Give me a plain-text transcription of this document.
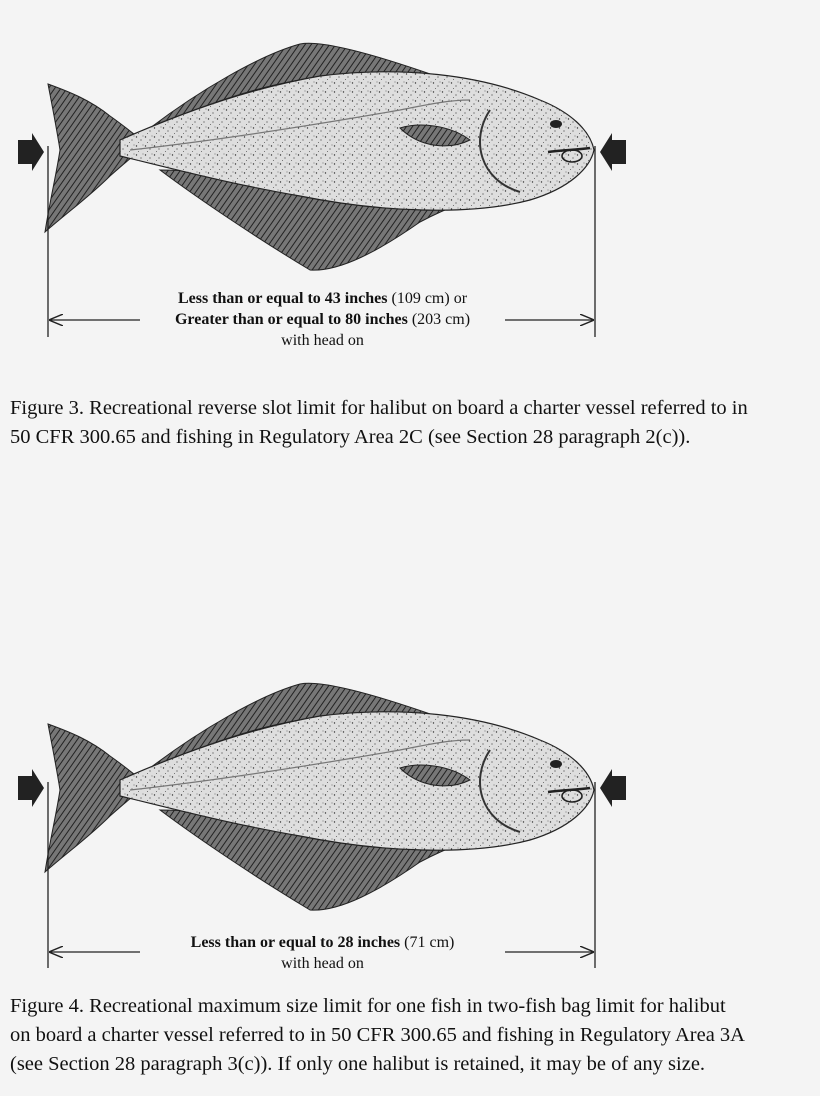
Less than or equal to 43 inches (109 cm) or
Greater than or equal to 80 inches (203 cm)
with head on
Figure 3. Recreational reverse slot limit for halibut on board a charter vessel referred to in
50 CFR 300.65 and fishing in Regulatory Area 2C (see Section 28 paragraph 2(c)).
Less than or equal to 28 inches (71 cm)
with head on
Figure 4. Recreational maximum size limit for one fish in two-fish bag limit for halibut
on board a charter vessel referred to in 50 CFR 300.65 and fishing in Regulatory Area 3A
(see Section 28 paragraph 3(c)). If only one halibut is retained, it may be of any size.
